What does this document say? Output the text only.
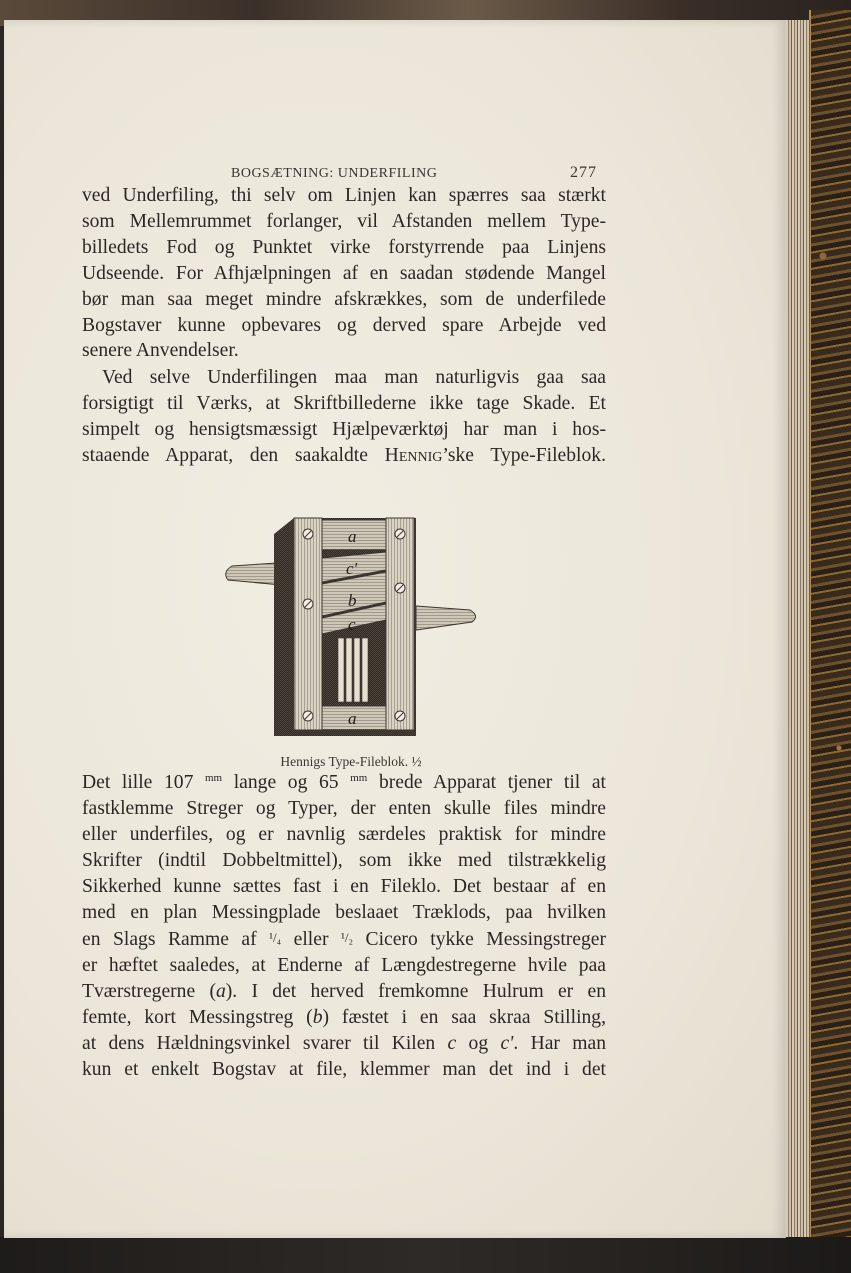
BOGSÆTNING: UNDERFILING	277

ved Underfiling, thi selv om Linjen kan spærres saa stærkt
som Mellemrummet forlanger, vil Afstanden mellem Type-
billedets Fod og Punktet virke forstyrrende paa Linjens
Udseende. For Afhjælpningen af en saadan stødende Mangel
bør man saa meget mindre afskrækkes, som de underfilede
Bogstaver kunne opbevares og derved spare Arbejde ved
senere Anvendelser.

Ved selve Underfilingen maa man naturligvis gaa saa
forsigtigt til Værks, at Skriftbillederne ikke tage Skade. Et
simpelt og hensigtsmæssigt Hjælpeværktøj har man i hos-
staaende Apparat, den saakaldte Hennig’ske Type-Fileblok.

a
c'
b
c
a
Hennigs Type-Fileblok. ½

Det lille 107 $^{mm}$ lange og 65 $^{mm}$ brede Apparat tjener til at
fastklemme Streger og Typer, der enten skulle files mindre
eller underfiles, og er navnlig særdeles praktisk for mindre
Skrifter (indtil Dobbeltmittel), som ikke med tilstrækkelig
Sikkerhed kunne sættes fast i en Fileklo. Det bestaar af en
med en plan Messingplade beslaaet Træklods, paa hvilken
en Slags Ramme af ¹/₄ eller ¹/₂ Cicero tykke Messingstreger
er hæftet saaledes, at Enderne af Længdestregerne hvile paa
Tværstregerne (a). I det herved fremkomne Hulrum er en
femte, kort Messingstreg (b) fæstet i en saa skraa Stilling,
at dens Hældningsvinkel svarer til Kilen c og c'. Har man
kun et enkelt Bogstav at file, klemmer man det ind i det
